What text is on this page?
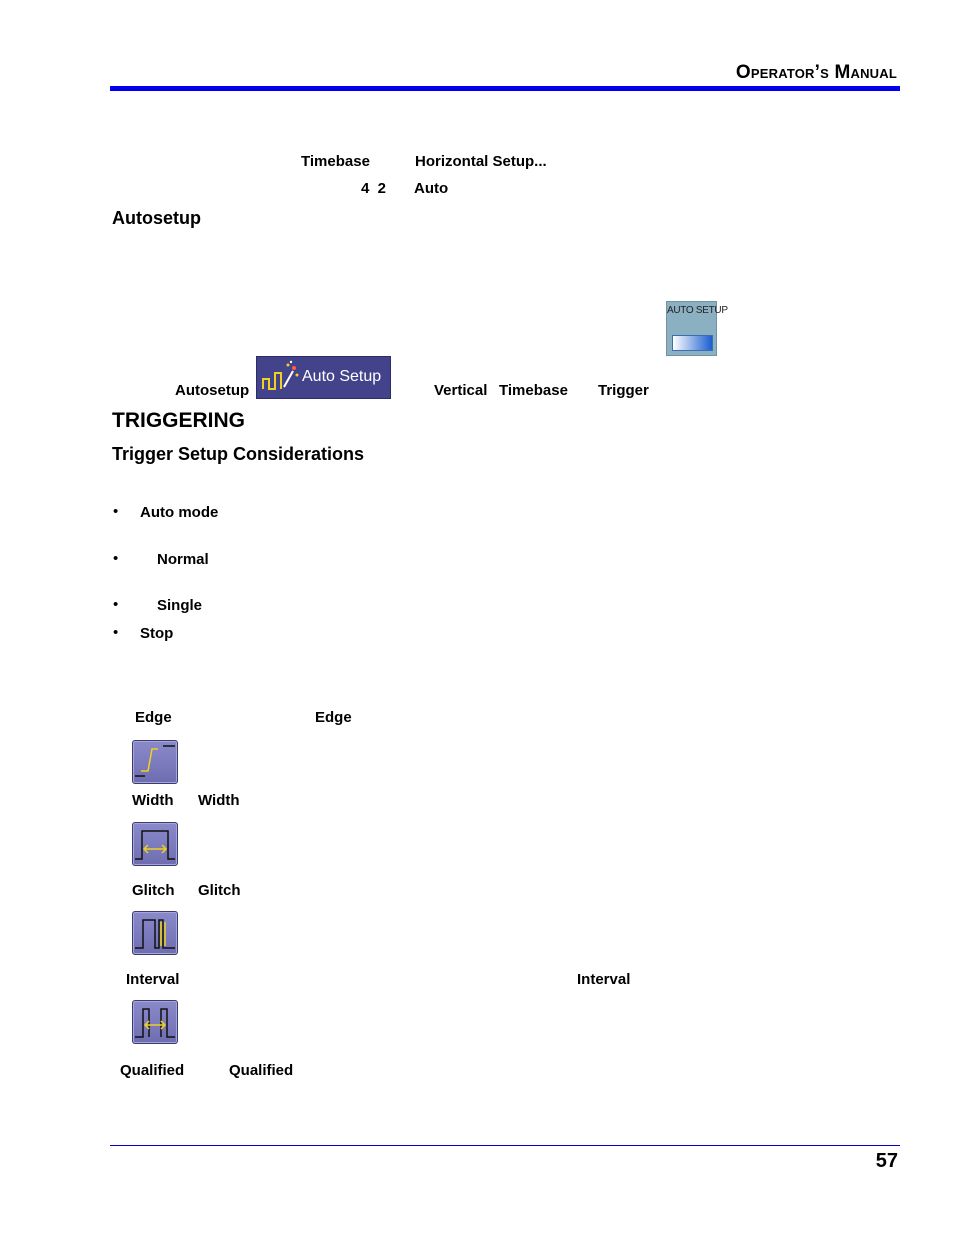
Operator’s Manual
Timebase	Horizontal Setup...
4  2 Auto
Autosetup
AUTO SETUP
Autosetup
Auto Setup
Vertical Timebase Trigger
TRIGGERING
Trigger Setup Considerations
• Auto mode
•	Normal
•	Single
• Stop
Edge	Edge
Width Width
Glitch Glitch
Interval	Interval
Qualified	Qualified
57
